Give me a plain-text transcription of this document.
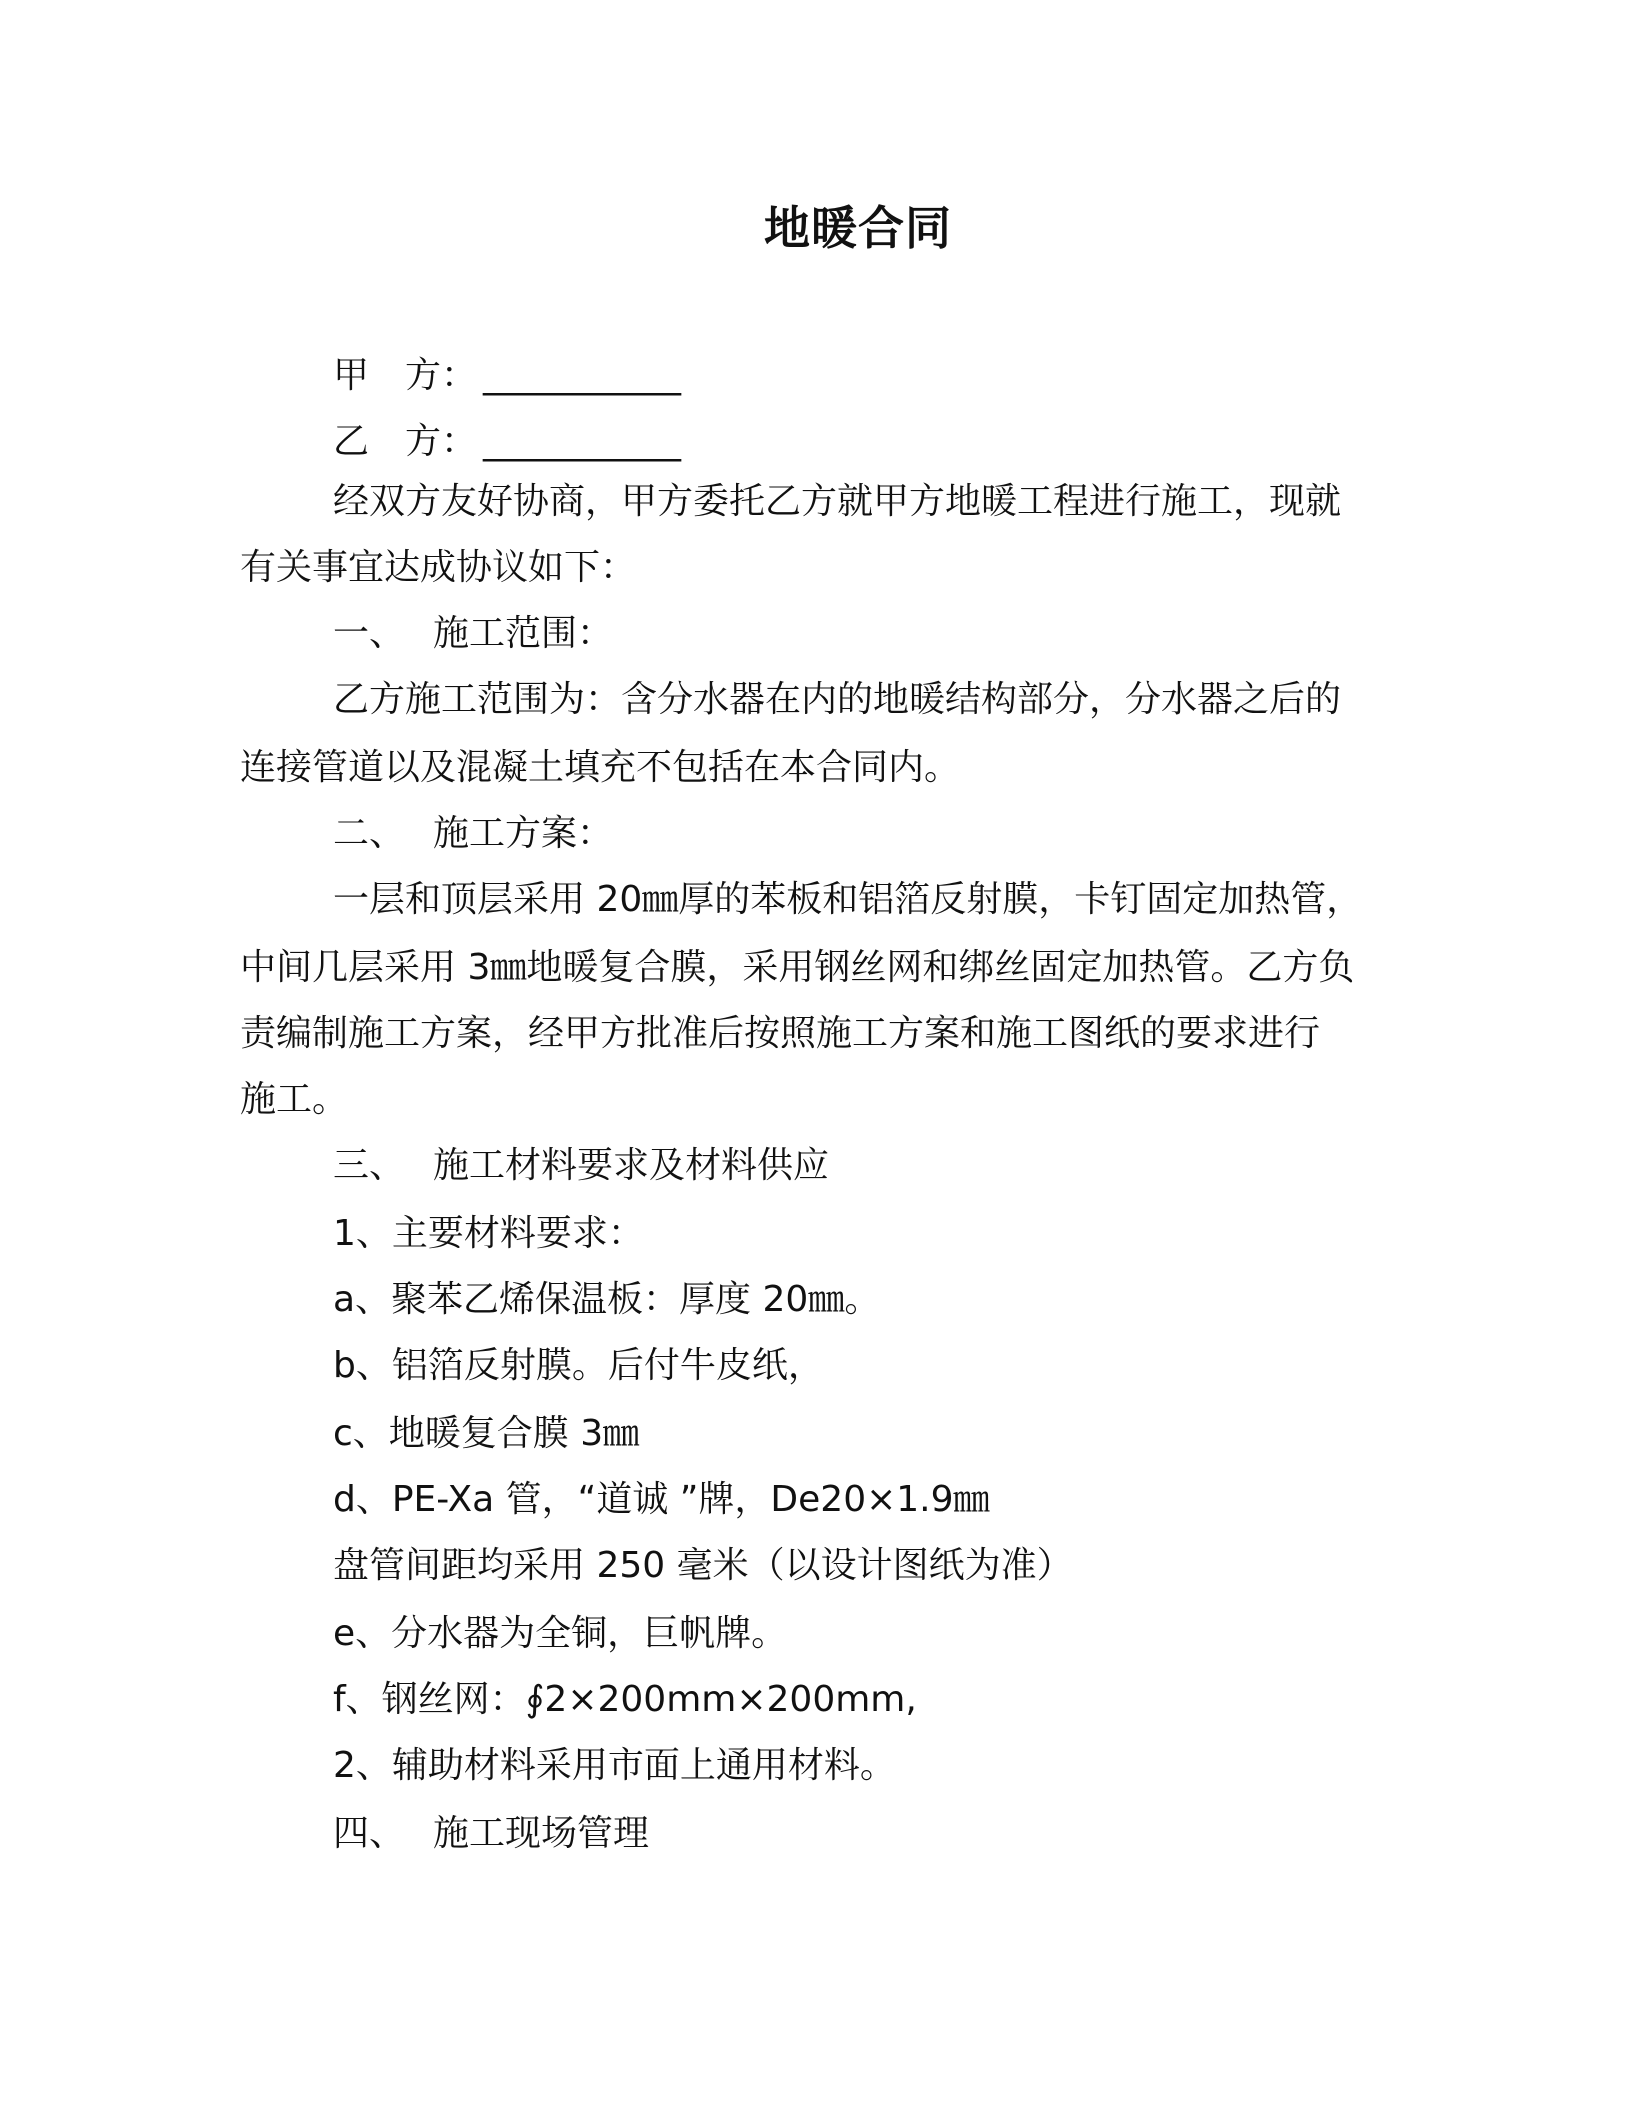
地暖合同
甲　方： ___________
乙　方： ___________
经双方友好协商，甲方委托乙方就甲方地暖工程进行施工，现就
有关事宜达成协议如下：
一、 施工范围：
乙方施工范围为：含分水器在内的地暖结构部分，分水器之后的
连接管道以及混凝土填充不包括在本合同内。
二、 施工方案：
一层和顶层采用 20㎜厚的苯板和铝箔反射膜，卡钉固定加热管，
中间几层采用 3㎜地暖复合膜，采用钢丝网和绑丝固定加热管。乙方负
责编制施工方案，经甲方批准后按照施工方案和施工图纸的要求进行
施工。
三、 施工材料要求及材料供应
1、主要材料要求：
a、聚苯乙烯保温板：厚度 20㎜。
b、铝箔反射膜。后付牛皮纸，
c、地暖复合膜 3㎜
d、PE-Xa 管，“道诚 ”牌，De20×1.9㎜
盘管间距均采用 250 毫米（以设计图纸为准）
e、分水器为全铜，巨帆牌。
f、钢丝网：∮2×200mm×200mm,
2、辅助材料采用市面上通用材料。
四、 施工现场管理
